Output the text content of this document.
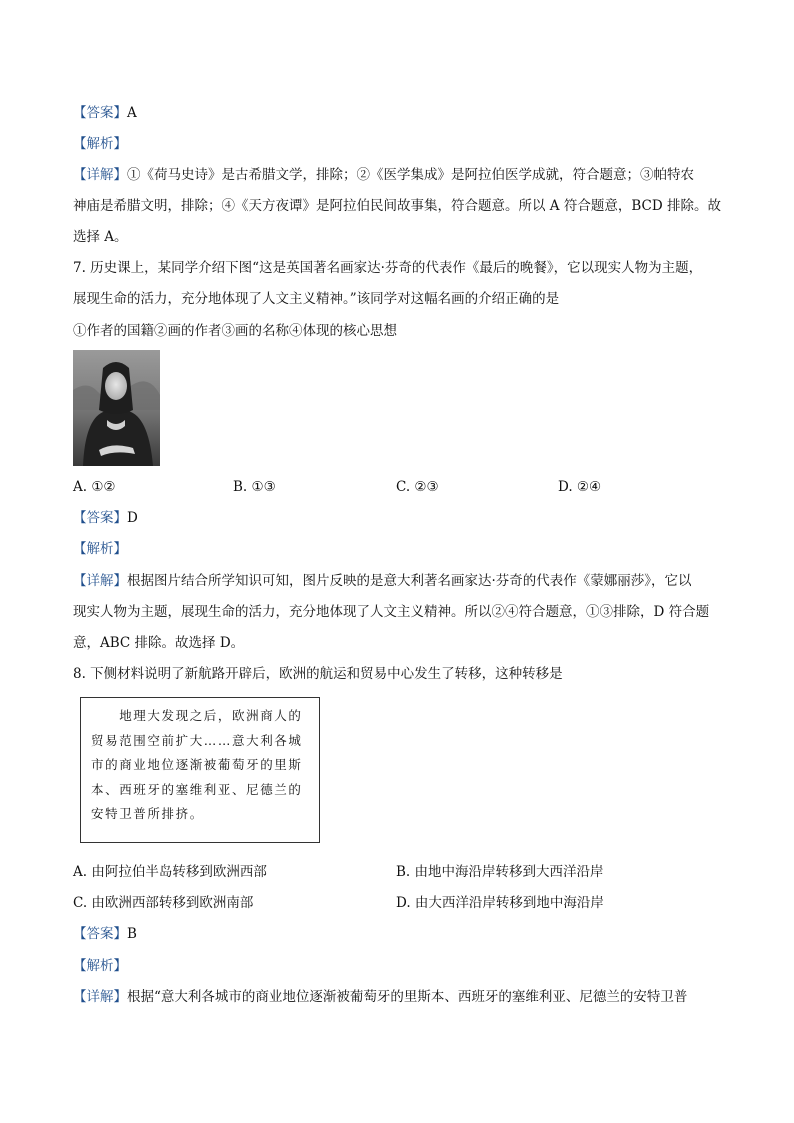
【答案】A
【解析】
【详解】①《荷马史诗》是古希腊文学，排除；②《医学集成》是阿拉伯医学成就，符合题意；③帕特农
神庙是希腊文明，排除；④《天方夜谭》是阿拉伯民间故事集，符合题意。所以 A 符合题意，BCD 排除。故
选择 A。
7. 历史课上，某同学介绍下图“这是英国著名画家达·芬奇的代表作《最后的晚餐》，它以现实人物为主题，
展现生命的活力，充分地体现了人文主义精神。”该同学对这幅名画的介绍正确的是
①作者的国籍②画的作者③画的名称④体现的核心思想
A. ①②	B. ①③	C. ②③	D. ②④
【答案】D
【解析】
【详解】根据图片结合所学知识可知，图片反映的是意大利著名画家达·芬奇的代表作《蒙娜丽莎》，它以
现实人物为主题，展现生命的活力，充分地体现了人文主义精神。所以②④符合题意，①③排除，D 符合题
意，ABC 排除。故选择 D。
8. 下侧材料说明了新航路开辟后，欧洲的航运和贸易中心发生了转移，这种转移是
　　地理大发现之后，欧洲商人的
贸易范围空前扩大……意大利各城
市的商业地位逐渐被葡萄牙的里斯
本、西班牙的塞维利亚、尼德兰的
安特卫普所排挤。
A. 由阿拉伯半岛转移到欧洲西部	B. 由地中海沿岸转移到大西洋沿岸
C. 由欧洲西部转移到欧洲南部	D. 由大西洋沿岸转移到地中海沿岸
【答案】B
【解析】
【详解】根据“意大利各城市的商业地位逐渐被葡萄牙的里斯本、西班牙的塞维利亚、尼德兰的安特卫普
